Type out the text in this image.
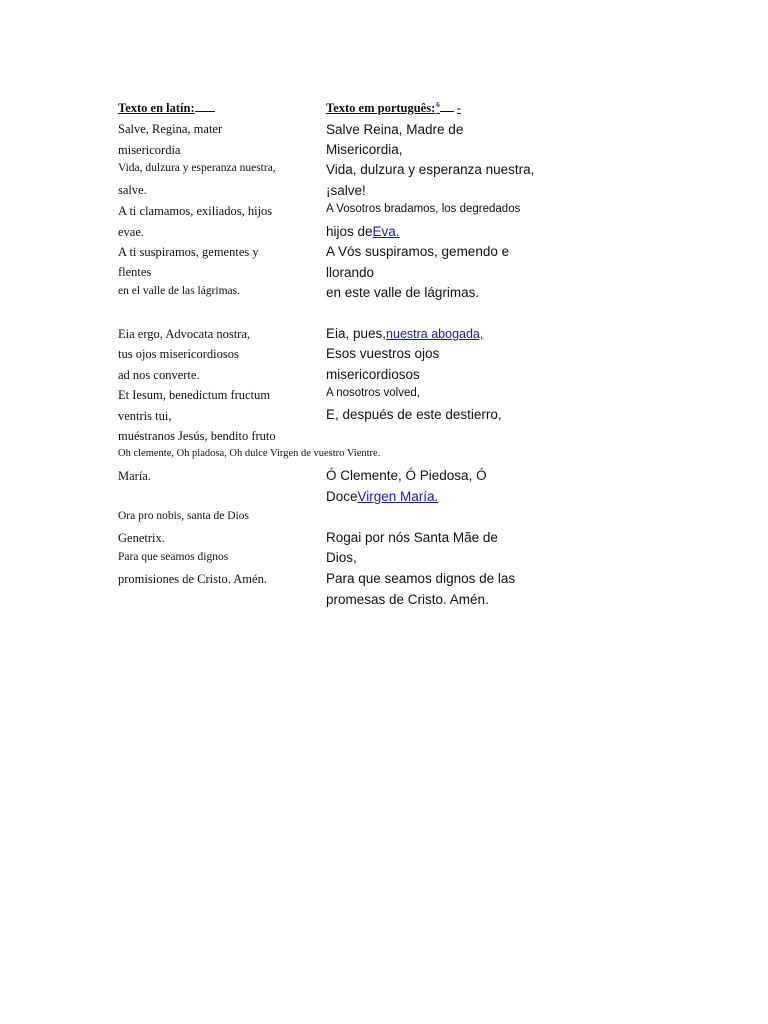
Texto en latín:
Salve, Regina, mater
misericordia
Vida, dulzura y esperanza nuestra,
salve.
A ti clamamos, exiliados, hijos
evae.
A ti suspiramos, gementes y
flentes
en el valle de las lágrimas.
Eia ergo, Advocata nostra,
tus ojos misericordiosos
ad nos converte.
Et Iesum, benedictum fructum
ventris tui,
muéstranos Jesús, bendito fruto
Oh clemente, Oh piadosa, Oh dulce Virgen de vuestro Vientre.
María.
Ora pro nobis, santa de Dios
Genetrix.
Para que seamos dignos
promisiones de Cristo. Amén.
Texto em português:$^6$ -
Salve Reina, Madre de
Misericordia,
Vida, dulzura y esperanza nuestra,
¡salve!
A Vosotros bradamos, los degredados
hijos deEva.
A Vós suspiramos, gemendo e
llorando
en este valle de lágrimas.
Eia, pues,nuestra abogada,
Esos vuestros ojos
misericordiosos
A nosotros volved,
E, después de este destierro,
Ó Clemente, Ó Piedosa, Ó
DoceVirgen María.
Rogai por nós Santa Mãe de
Dios,
Para que seamos dignos de las
promesas de Cristo. Amén.
